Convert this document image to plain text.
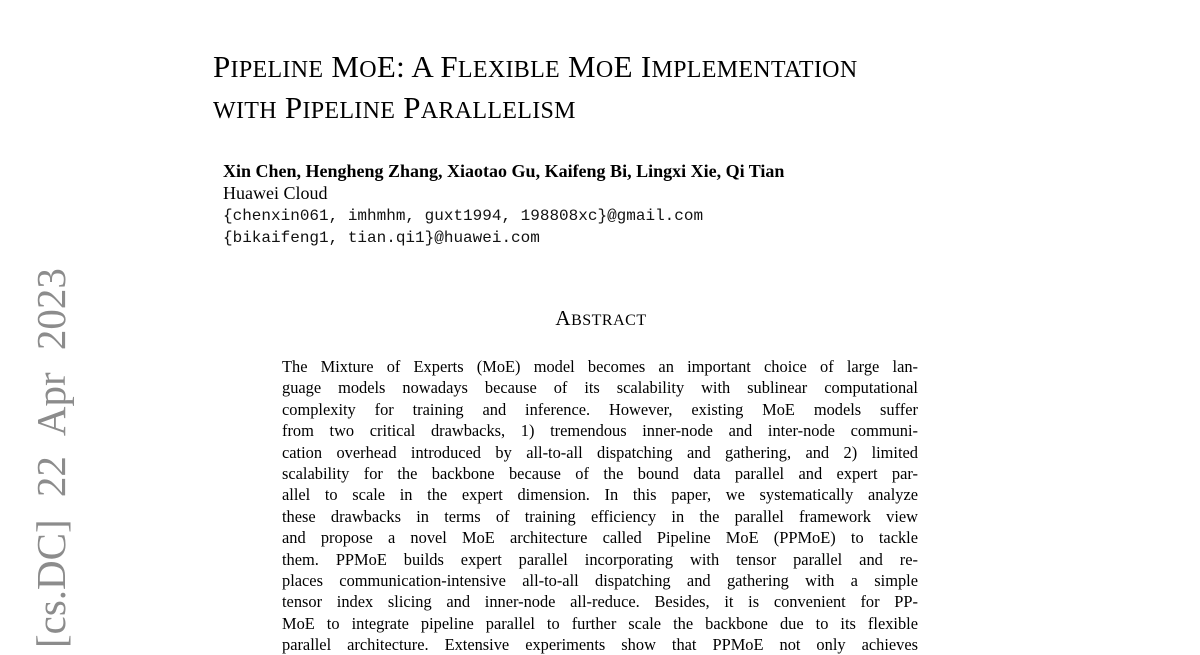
[cs.DC] 22 Apr 2023
PIPELINE MOE: A FLEXIBLE MOE IMPLEMENTATION
WITH PIPELINE PARALLELISM
Xin Chen, Hengheng Zhang, Xiaotao Gu, Kaifeng Bi, Lingxi Xie, Qi Tian
Huawei Cloud
{chenxin061, imhmhm, guxt1994, 198808xc}@gmail.com
{bikaifeng1, tian.qi1}@huawei.com
ABSTRACT
The Mixture of Experts (MoE) model becomes an important choice of large lan-
guage models nowadays because of its scalability with sublinear computational
complexity for training and inference. However, existing MoE models suffer
from two critical drawbacks, 1) tremendous inner-node and inter-node communi-
cation overhead introduced by all-to-all dispatching and gathering, and 2) limited
scalability for the backbone because of the bound data parallel and expert par-
allel to scale in the expert dimension. In this paper, we systematically analyze
these drawbacks in terms of training efficiency in the parallel framework view
and propose a novel MoE architecture called Pipeline MoE (PPMoE) to tackle
them. PPMoE builds expert parallel incorporating with tensor parallel and re-
places communication-intensive all-to-all dispatching and gathering with a simple
tensor index slicing and inner-node all-reduce. Besides, it is convenient for PP-
MoE to integrate pipeline parallel to further scale the backbone due to its flexible
parallel architecture. Extensive experiments show that PPMoE not only achieves
